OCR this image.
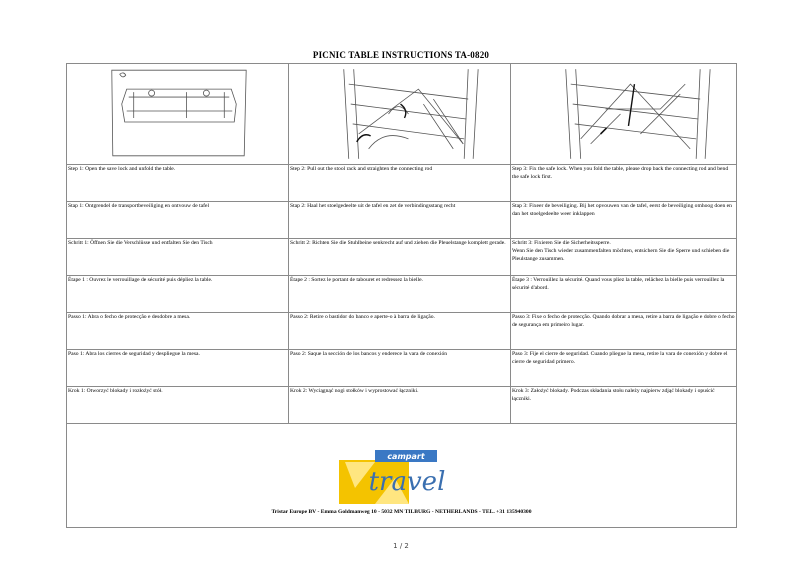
PICNIC TABLE INSTRUCTIONS TA-0820

Step 1: Open the save lock and unfold the table.	Step 2: Pull out the stool rack and straighten the connecting rod	Step 3: Fix the safe lock. When you fold the table, please drop back the connecting rod and bend the safe lock first.
Stap 1: Ontgrendel de transportbeveiliging en ontvouw de tafel	Stap 2: Haal het stoelgedeelte uit de tafel en zet de verbindingsstang recht	Stap 3: Fixeer de beveiliging. Bij het opvouwen van de tafel, eerst de beveiliging omhoog doen en dan het stoelgedeelte weer inklappen
Schritt 1: Öffnen Sie die Verschlüsse und entfalten Sie den Tisch	Schritt 2: Richten Sie die Stuhlbeine senkrecht auf und ziehen die Pleuelstange komplett gerade.	Schritt 3: Fixieren Sie die Sicherheitssperre.
Wenn Sie den Tisch wieder zusammenfalten möchten, entsichern Sie die Sperre und schieben die Pleulstange zusammen.
Étape 1 : Ouvrez le verrouillage de sécurité puis dépliez la table.	Étape 2 : Sortez le portant de tabouret et redressez la bielle.	Étape 3 : Verrouillez la sécurité. Quand vous pliez la table, relâchez la bielle puis verrouillez la sécurité d'abord.
Passo 1: Abra o fecho de protecção e desdobre a mesa.	Passo 2: Retire o bastidor do banco e aperte-o à barra de ligação.	Passo 3: Fixe o fecho de protecção. Quando dobrar a mesa, retire a barra de ligação e dobre o fecho de segurança em primeiro lugar.
Paso 1: Abra los cierres de seguridad y despliegue la mesa.	Paso 2: Saque la sección de los bancos y enderece la vara de conexión	Paso 3: Fije el cierre de seguridad. Cuando pliegue la mesa, retire la vara de conexión y dobre el cierre de seguridad primero.
Krok 1: Otworzyć blokady i rozłożyć stół.	Krok 2: Wyciągnąć nogi stołków i wyprostować łączniki.	Krok 3: Założyć blokady. Podczas składania stołu należy najpierw zdjąć blokady i opuścić łączniki.

campart
travel
Tristar Europe BV - Emma Goldmanweg 10 - 5032 MN TILBURG - NETHERLANDS - TEL. +31 135940300		
1 / 2
